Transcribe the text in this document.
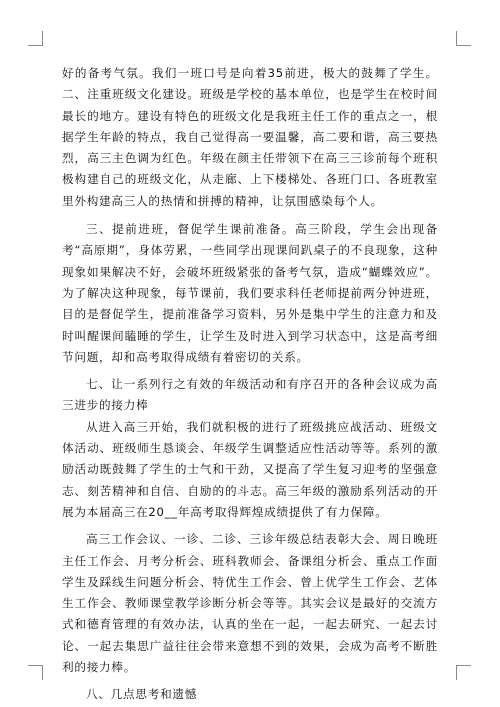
好的备考气氛。我们一班口号是向着35前进，极大的鼓舞了学生。二、注重班级文化建设。班级是学校的基本单位，也是学生在校时间最长的地方。建设有特色的班级文化是我班主任工作的重点之一，根据学生年龄的特点，我自己觉得高一要温馨，高二要和谐，高三要热烈，高三主色调为红色。年级在颜主任带领下在高三三诊前每个班积极构建自己的班级文化，从走廊、上下楼梯处、各班门口、各班教室里外构建高三人的热情和拼搏的精神，让氛围感染每个人。

三、提前进班，督促学生课前准备。高三阶段，学生会出现备考“高原期”，身体劳累，一些同学出现课间趴桌子的不良现象，这种现象如果解决不好，会破坏班级紧张的备考气氛，造成“蝴蝶效应”。为了解决这种现象，每节课前，我们要求科任老师提前两分钟进班，目的是督促学生，提前准备学习资料，另外是集中学生的注意力和及时叫醒课间瞌睡的学生，让学生及时进入到学习状态中，这是高考细节问题，却和高考取得成绩有着密切的关系。

七、让一系列行之有效的年级活动和有序召开的各种会议成为高三进步的接力棒

从进入高三开始，我们就积极的进行了班级挑应战活动、班级文体活动、班级师生恳谈会、年级学生调整适应性活动等等。系列的激励活动既鼓舞了学生的士气和干劲，又提高了学生复习迎考的坚强意志、刻苦精神和自信、自励的的斗志。高三年级的激励系列活动的开展为本届高三在20__年高考取得辉煌成绩提供了有力保障。

高三工作会议、一诊、二诊、三诊年级总结表彰大会、周日晚班主任工作会、月考分析会、班科教师会、备课组分析会、重点工作面学生及踩线生问题分析会、特优生工作会、曾上优学生工作会、艺体生工作会、教师课堂教学诊断分析会等等。其实会议是最好的交流方式和德育管理的有效办法，认真的坐在一起，一起去研究、一起去讨论、一起去集思广益往往会带来意想不到的效果，会成为高考不断胜利的接力棒。

八、几点思考和遗憾
